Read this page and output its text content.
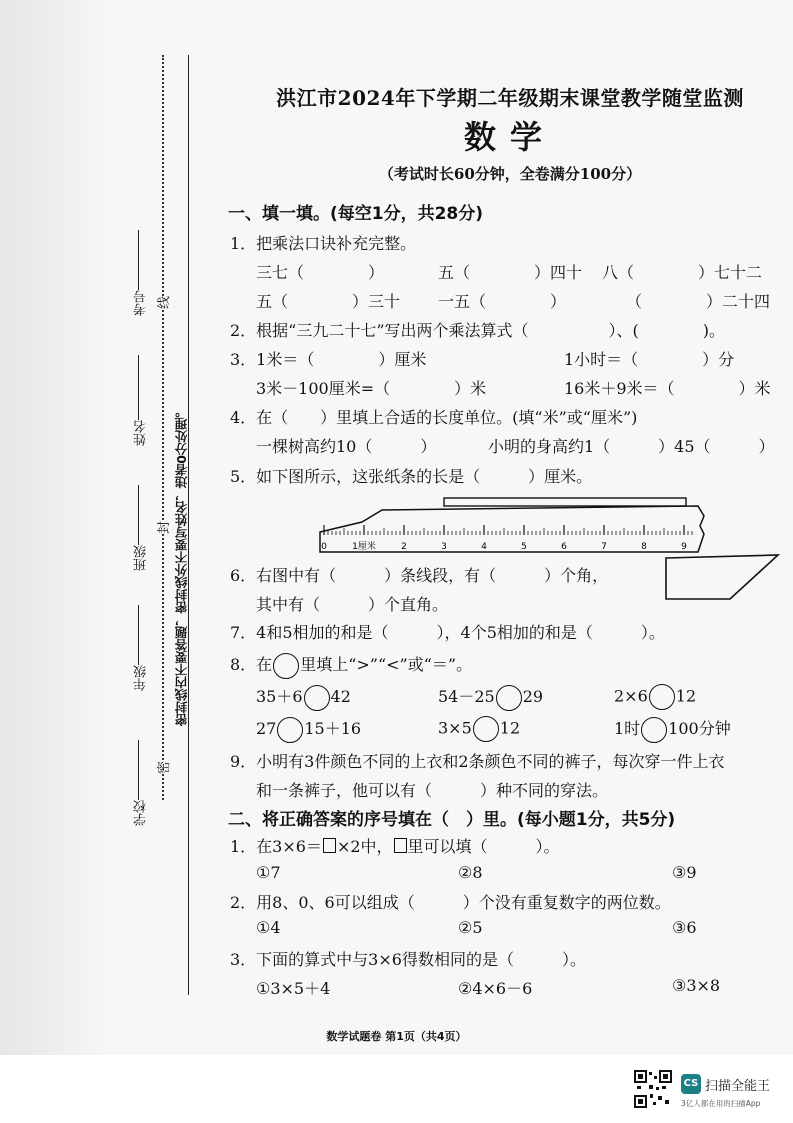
密
封
线
学校
年级
班级
姓名
考号
密封线内不要答题，密封线外不要写姓名，违者0分处理。
洪江市2024年下学期二年级期末课堂教学随堂监测
数学
（考试时长60分钟，全卷满分100分）
一、填一填。(每空1分，共28分)
1．把乘法口诀补充完整。
三七（　　　　）	五（　　　　）四十 八（　　　　）七十二
五（　　　　）三十 一五（　　　　）	（　　　　）二十四
2．根据“三九二十七”写出两个乘法算式（　　　　　）、(　　　　)。
3．1米＝（　　　　）厘米	1小时＝（　　　　）分
3米－100厘米=（　　　　）米	16米＋9米＝（　　　　）米
4．在（　　）里填上合适的长度单位。(填“米”或“厘米”)
一棵树高约10（　　　）	小明的身高约1（　　　）45（　　　）
5．如下图所示，这张纸条的长是（　　　）厘米。
0	1厘米	2	3	4	5	6	7	8	9
6．右图中有（　　　）条线段，有（　　　）个角，
其中有（　　　）个直角。
7．4和5相加的和是（　　　），4个5相加的和是（　　　）。
8．在 里填上“>”“<”或“＝”。
35＋6 42	54－25 29	2×6 12
27 15＋16	3×5 12	1时 100分钟
9．小明有3件颜色不同的上衣和2条颜色不同的裤子，每次穿一件上衣
和一条裤子，他可以有（　　　）种不同的穿法。
二、将正确答案的序号填在（　）里。(每小题1分，共5分)
1．在3×6＝ ×2中， 里可以填（　　　）。
①7	②8	③9
2．用8、0、6可以组成（　　　）个没有重复数字的两位数。
①4	②5	③6
3．下面的算式中与3×6得数相同的是（　　　）。
①3×5＋4	②4×6－6	③3×8
数学试题卷 第1页（共4页）
CS 扫描全能王
3亿人都在用的扫描App
